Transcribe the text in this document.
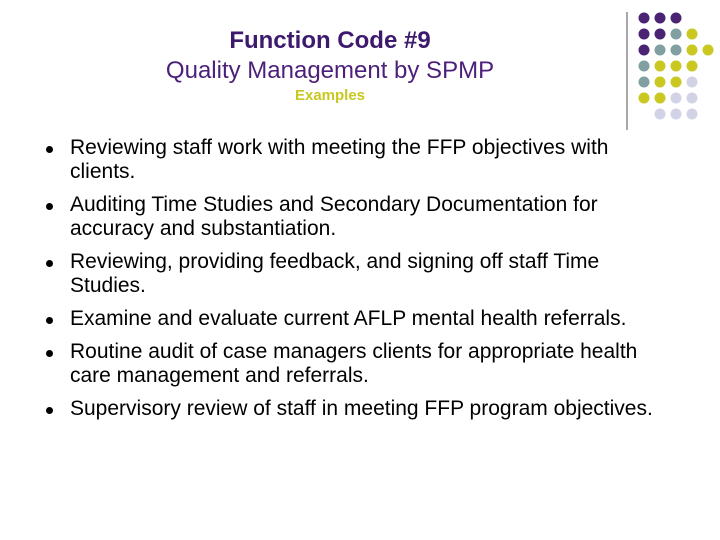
Function Code #9
Quality Management by SPMP
Examples
Reviewing staff work with meeting the FFP objectives with clients.
Auditing Time Studies and Secondary Documentation for accuracy and substantiation.
Reviewing, providing feedback, and signing off staff Time Studies.
Examine and evaluate current AFLP mental health referrals.
Routine audit of case managers clients for appropriate health care management and referrals.
Supervisory review of staff in meeting FFP program objectives.
